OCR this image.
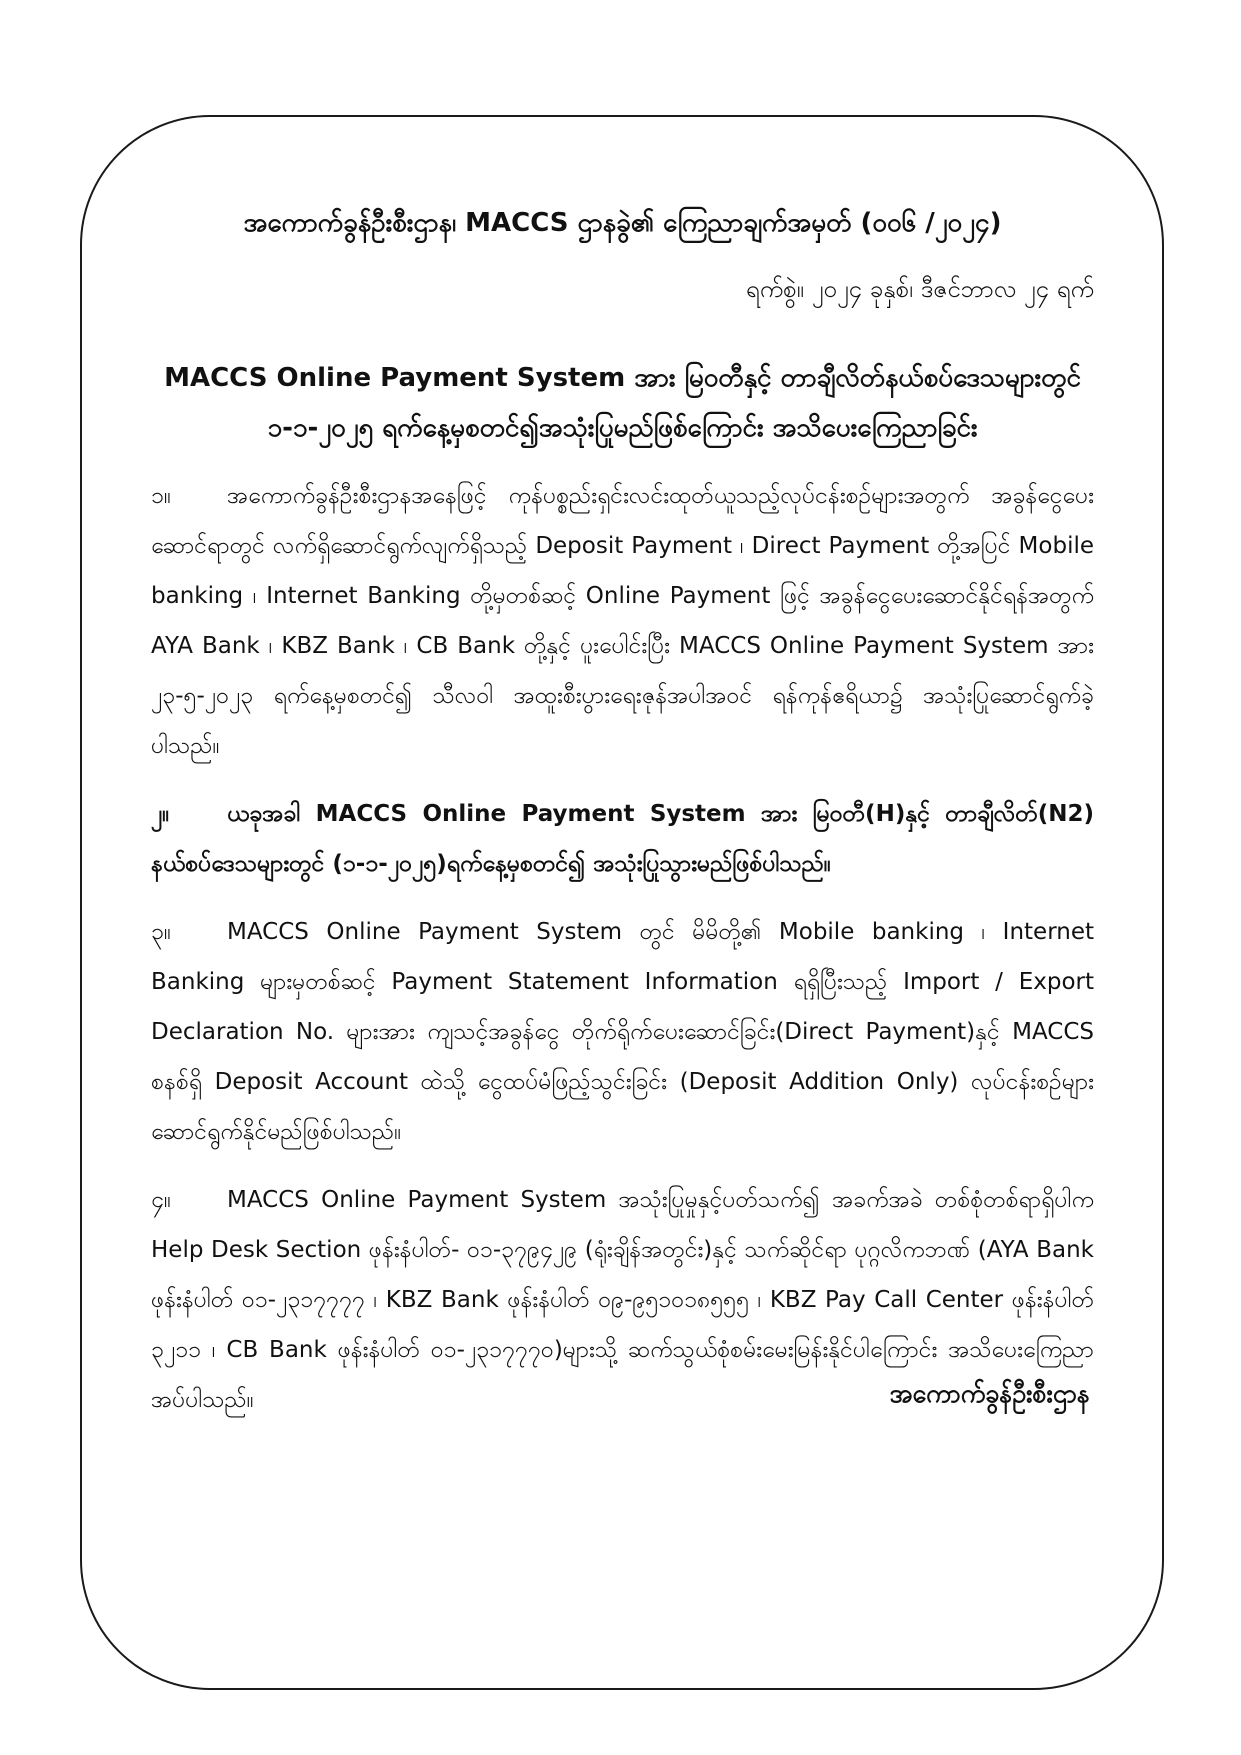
အကောက်ခွန်ဦးစီးဌာန၊ MACCS ဌာနခွဲ၏ ကြေညာချက်အမှတ် (၀၀၆ /၂၀၂၄)
ရက်စွဲ။ ၂၀၂၄ ခုနှစ်၊ ဒီဇင်ဘာလ ၂၄ ရက်
MACCS Online Payment System အား မြဝတီနှင့် တာချီလိတ်နယ်စပ်ဒေသများတွင်
၁-၁-၂၀၂၅ ရက်နေ့မှစတင်၍အသုံးပြုမည်ဖြစ်ကြောင်း အသိပေးကြေညာခြင်း
၁။ အကောက်ခွန်ဦးစီးဌာနအနေဖြင့် ကုန်ပစ္စည်းရှင်းလင်းထုတ်ယူသည့်လုပ်ငန်းစဉ်များအတွက် အခွန်ငွေပေးဆောင်ရာတွင် လက်ရှိဆောင်ရွက်လျက်ရှိသည့် Deposit Payment ၊ Direct Payment တို့အပြင် Mobile banking ၊ Internet Banking တို့မှတစ်ဆင့် Online Payment ဖြင့် အခွန်ငွေပေးဆောင်နိုင်ရန်အတွက် AYA Bank ၊ KBZ Bank ၊ CB Bank တို့နှင့် ပူးပေါင်းပြီး MACCS Online Payment System အား ၂၃-၅-၂၀၂၃ ရက်နေ့မှစတင်၍ သီလဝါ အထူးစီးပွားရေးဇုန်အပါအဝင် ရန်ကုန်ဧရိယာ၌ အသုံးပြုဆောင်ရွက်ခဲ့ပါသည်။
၂။	ယခုအခါ MACCS Online Payment System အား မြဝတီ(H)နှင့် တာချီလိတ်(N2) နယ်စပ်ဒေသများတွင် (၁-၁-၂၀၂၅)ရက်နေ့မှစတင်၍ အသုံးပြုသွားမည်ဖြစ်ပါသည်။
၃။ MACCS Online Payment System တွင် မိမိတို့၏ Mobile banking ၊ Internet Banking များမှတစ်ဆင့် Payment Statement Information ရရှိပြီးသည့် Import / Export Declaration No. များအား ကျသင့်အခွန်ငွေ တိုက်ရိုက်ပေးဆောင်ခြင်း(Direct Payment)နှင့် MACCS စနစ်ရှိ Deposit Account ထဲသို့ ငွေထပ်မံဖြည့်သွင်းခြင်း (Deposit Addition Only) လုပ်ငန်းစဉ်များ ဆောင်ရွက်နိုင်မည်ဖြစ်ပါသည်။
၄။ MACCS Online Payment System အသုံးပြုမှုနှင့်ပတ်သက်၍ အခက်အခဲ တစ်စုံတစ်ရာရှိပါက Help Desk Section ဖုန်းနံပါတ်- ၀၁-၃၇၉၄၂၉ (ရုံးချိန်အတွင်း)နှင့် သက်ဆိုင်ရာ ပုဂ္ဂလိကဘဏ် (AYA Bank ဖုန်းနံပါတ် ၀၁-၂၃၁၇၇၇၇ ၊ KBZ Bank ဖုန်းနံပါတ် ၀၉-၉၅၁၀၁၈၅၅၅ ၊ KBZ Pay Call Center ဖုန်းနံပါတ် ၃၂၁၁ ၊ CB Bank ဖုန်းနံပါတ် ၀၁-၂၃၁၇၇၇၀)များသို့ ဆက်သွယ်စုံစမ်းမေးမြန်းနိုင်ပါကြောင်း အသိပေးကြေညာအပ်ပါသည်။	အကောက်ခွန်ဦးစီးဌာန
